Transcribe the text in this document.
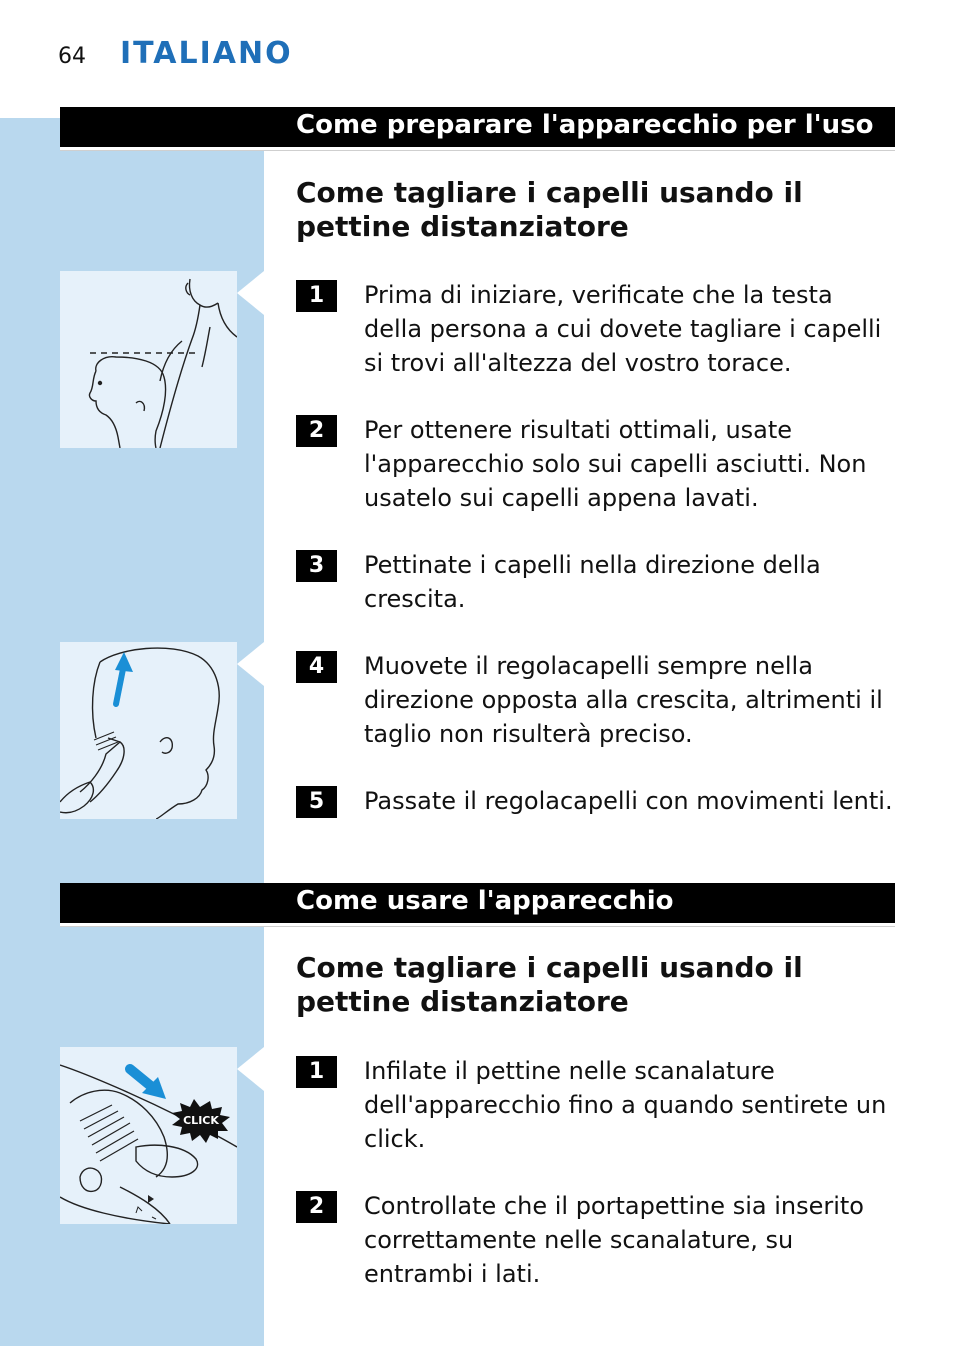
64 ITALIANO
Come preparare l'apparecchio per l'uso
Come tagliare i capelli usando il pettine distanziatore
1	Prima di iniziare, verificate che la testa della persona a cui dovete tagliare i capelli si trovi all'altezza del vostro torace.
2	Per ottenere risultati ottimali, usate l'apparecchio solo sui capelli asciutti. Non usatelo sui capelli appena lavati.
3	Pettinate i capelli nella direzione della crescita.
4	Muovete il regolacapelli sempre nella direzione opposta alla crescita, altrimenti il taglio non risulterà preciso.
5	Passate il regolacapelli con movimenti lenti.
Come usare l'apparecchio
Come tagliare i capelli usando il pettine distanziatore
1	Infilate il pettine nelle scanalature dell'apparecchio fino a quando sentirete un click.
2	Controllate che il portapettine sia inserito correttamente nelle scanalature, su entrambi i lati.
CLICK
